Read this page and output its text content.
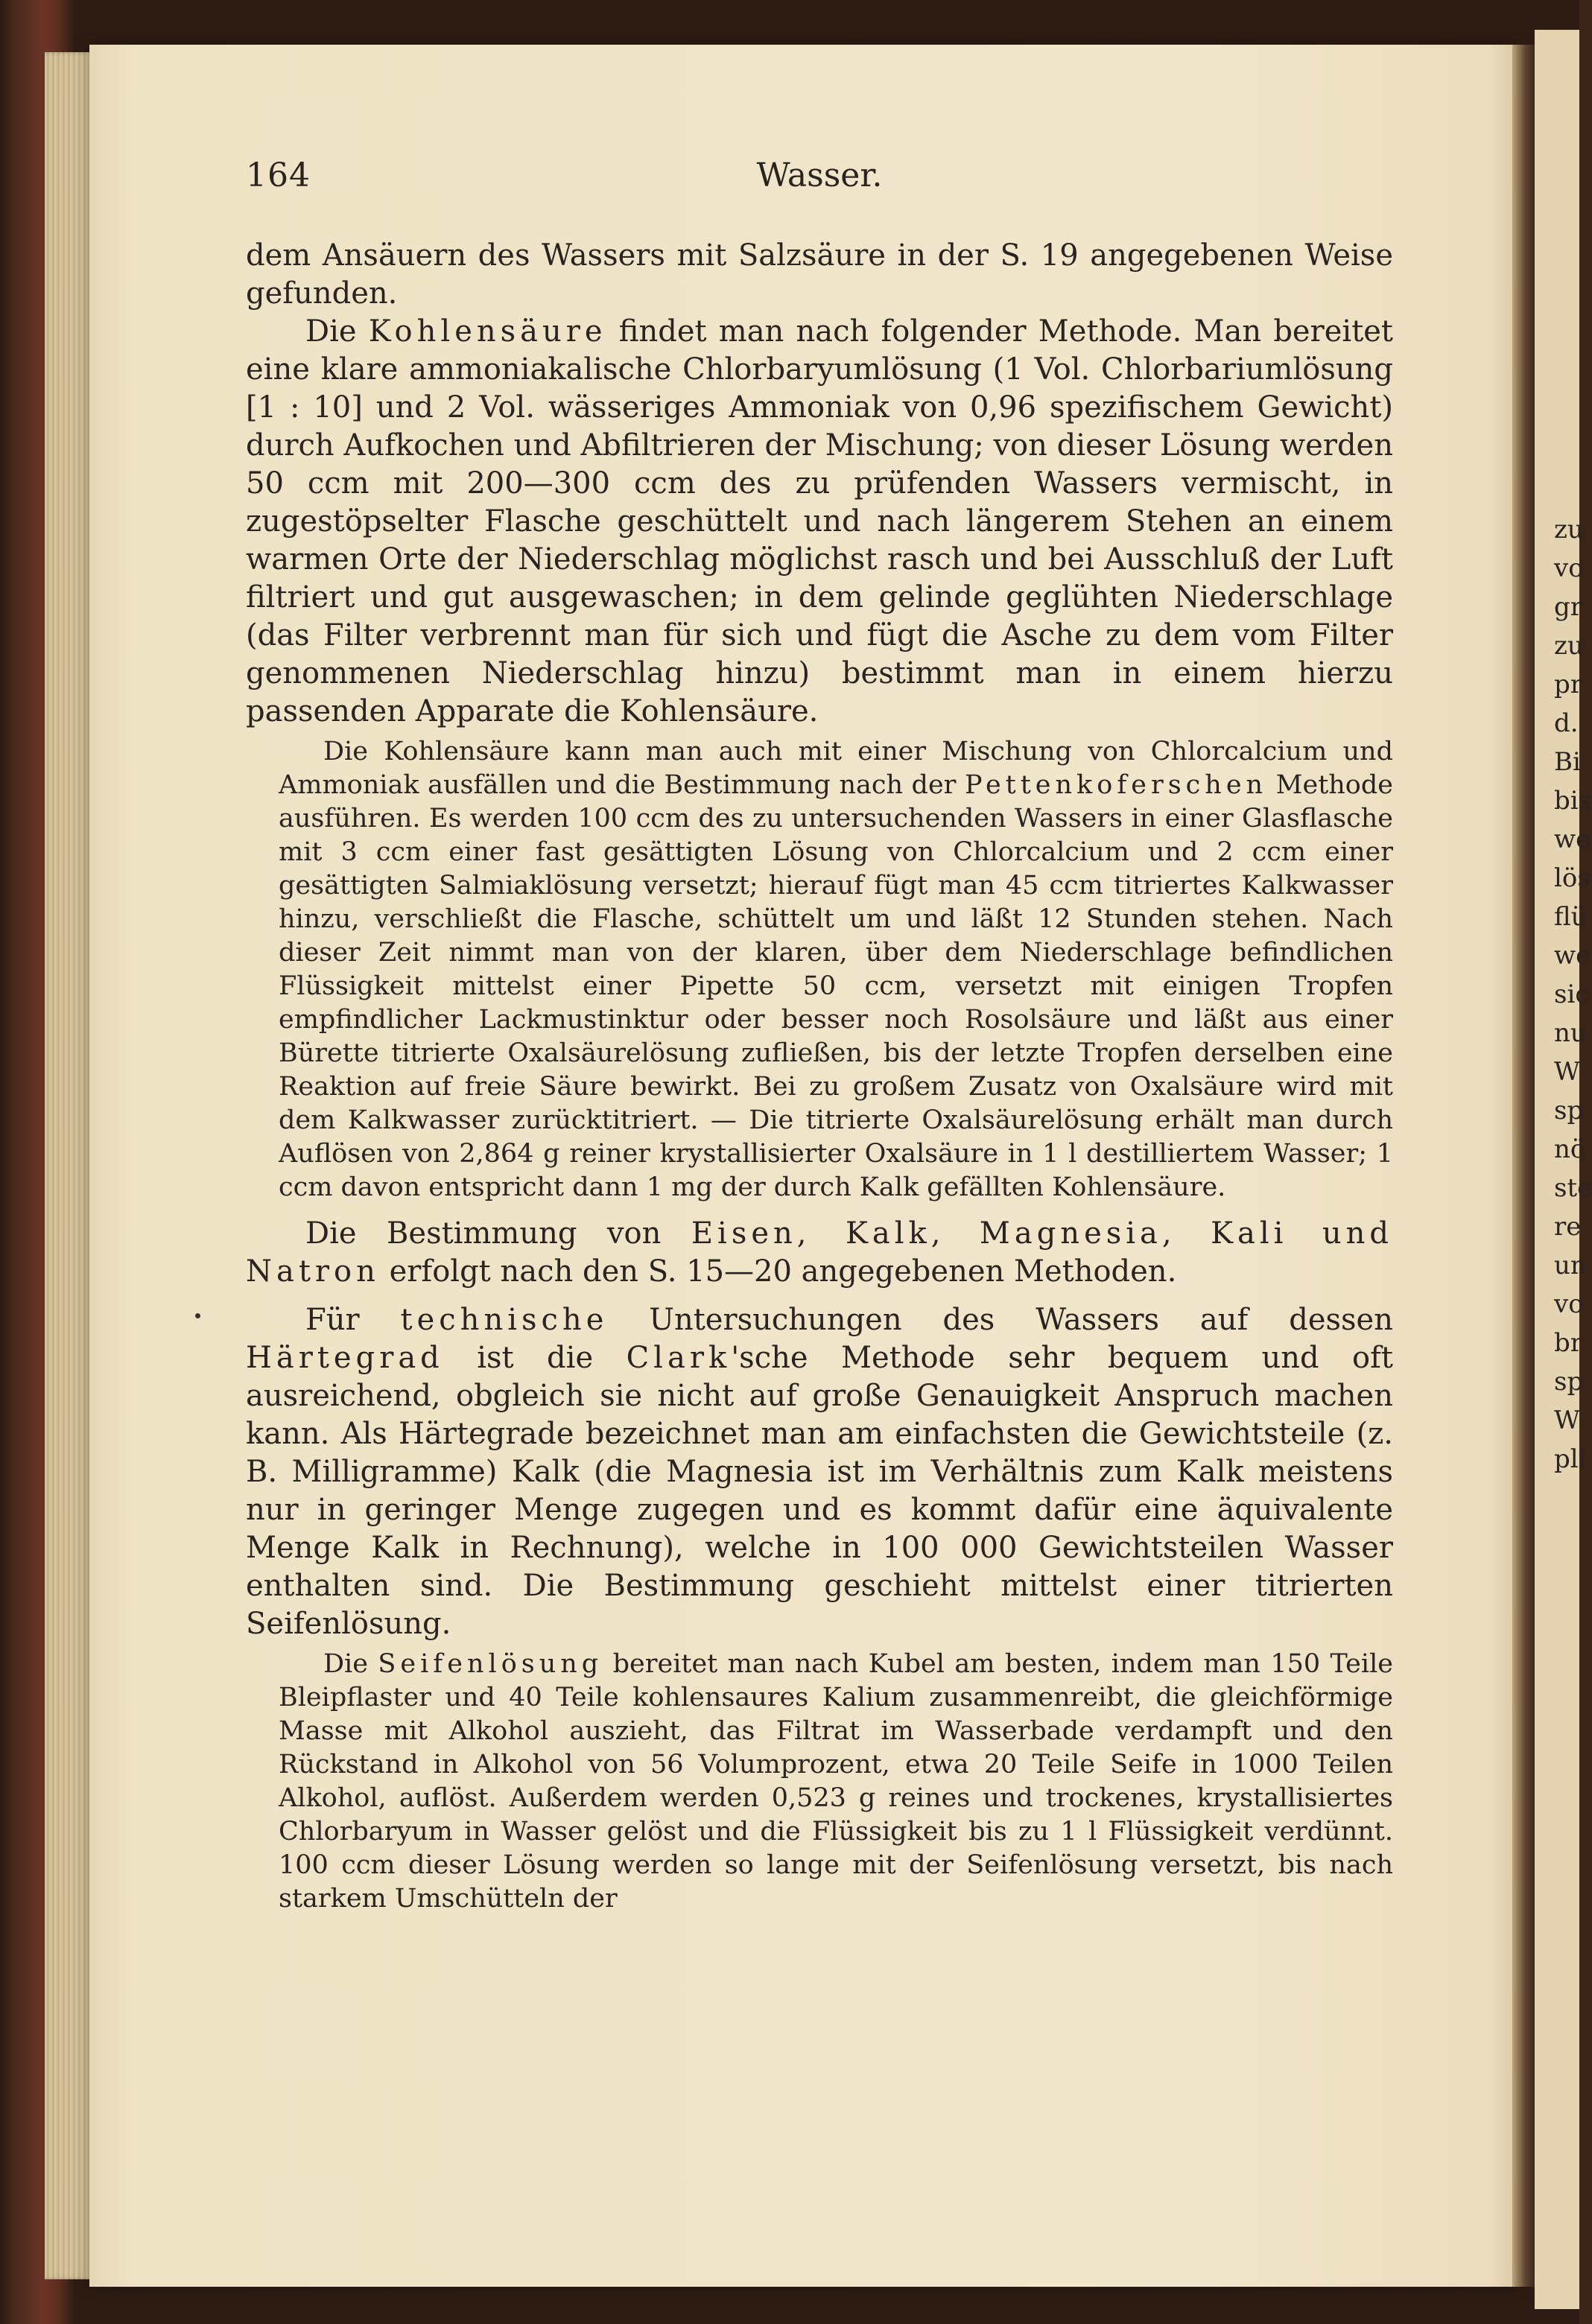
zu
vo
gr
zu
pr
d.
Bi
bis
we
lös
flü
we
sic
nu
W
sp
nö
ste
re
un
vo
br
sp
W
pli
164	Wasser.

dem Ansäuern des Wassers mit Salzsäure in der S. 19 angegebenen Weise gefunden.

Die Kohlensäure findet man nach folgender Methode. Man bereitet eine klare ammoniakalische Chlorbaryumlösung (1 Vol. Chlorbariumlösung [1 : 10] und 2 Vol. wässeriges Ammoniak von 0,96 spezifischem Gewicht) durch Aufkochen und Abfiltrieren der Mischung; von dieser Lösung werden 50 ccm mit 200—300 ccm des zu prüfenden Wassers vermischt, in zugestöpselter Flasche geschüttelt und nach längerem Stehen an einem warmen Orte der Niederschlag möglichst rasch und bei Ausschluß der Luft filtriert und gut ausgewaschen; in dem gelinde geglühten Niederschlage (das Filter verbrennt man für sich und fügt die Asche zu dem vom Filter genommenen Niederschlag hinzu) bestimmt man in einem hierzu passenden Apparate die Kohlensäure.

Die Kohlensäure kann man auch mit einer Mischung von Chlorcalcium und Ammoniak ausfällen und die Bestimmung nach der Pettenkoferschen Methode ausführen. Es werden 100 ccm des zu untersuchenden Wassers in einer Glasflasche mit 3 ccm einer fast gesättigten Lösung von Chlorcalcium und 2 ccm einer gesättigten Salmiaklösung versetzt; hierauf fügt man 45 ccm titriertes Kalkwasser hinzu, verschließt die Flasche, schüttelt um und läßt 12 Stunden stehen. Nach dieser Zeit nimmt man von der klaren, über dem Niederschlage befindlichen Flüssigkeit mittelst einer Pipette 50 ccm, versetzt mit einigen Tropfen empfindlicher Lackmustinktur oder besser noch Rosolsäure und läßt aus einer Bürette titrierte Oxalsäurelösung zufließen, bis der letzte Tropfen derselben eine Reaktion auf freie Säure bewirkt. Bei zu großem Zusatz von Oxalsäure wird mit dem Kalkwasser zurücktitriert. — Die titrierte Oxalsäurelösung erhält man durch Auflösen von 2,864 g reiner krystallisierter Oxalsäure in 1 l destilliertem Wasser; 1 ccm davon entspricht dann 1 mg der durch Kalk gefällten Kohlensäure.

Die Bestimmung von Eisen, Kalk, Magnesia, Kali und Natron erfolgt nach den S. 15—20 angegebenen Methoden.

Für technische Untersuchungen des Wassers auf dessen Härtegrad ist die Clark'sche Methode sehr bequem und oft ausreichend, obgleich sie nicht auf große Genauigkeit Anspruch machen kann. Als Härtegrade bezeichnet man am einfachsten die Gewichtsteile (z. B. Milligramme) Kalk (die Magnesia ist im Verhältnis zum Kalk meistens nur in geringer Menge zugegen und es kommt dafür eine äquivalente Menge Kalk in Rechnung), welche in 100 000 Gewichtsteilen Wasser enthalten sind. Die Bestimmung geschieht mittelst einer titrierten Seifenlösung.

Die Seifenlösung bereitet man nach Kubel am besten, indem man 150 Teile Bleipflaster und 40 Teile kohlensaures Kalium zusammenreibt, die gleichförmige Masse mit Alkohol auszieht, das Filtrat im Wasserbade verdampft und den Rückstand in Alkohol von 56 Volumprozent, etwa 20 Teile Seife in 1000 Teilen Alkohol, auflöst. Außerdem werden 0,523 g reines und trockenes, krystallisiertes Chlorbaryum in Wasser gelöst und die Flüssigkeit bis zu 1 l Flüssigkeit verdünnt. 100 ccm dieser Lösung werden so lange mit der Seifenlösung versetzt, bis nach starkem Umschütteln der
